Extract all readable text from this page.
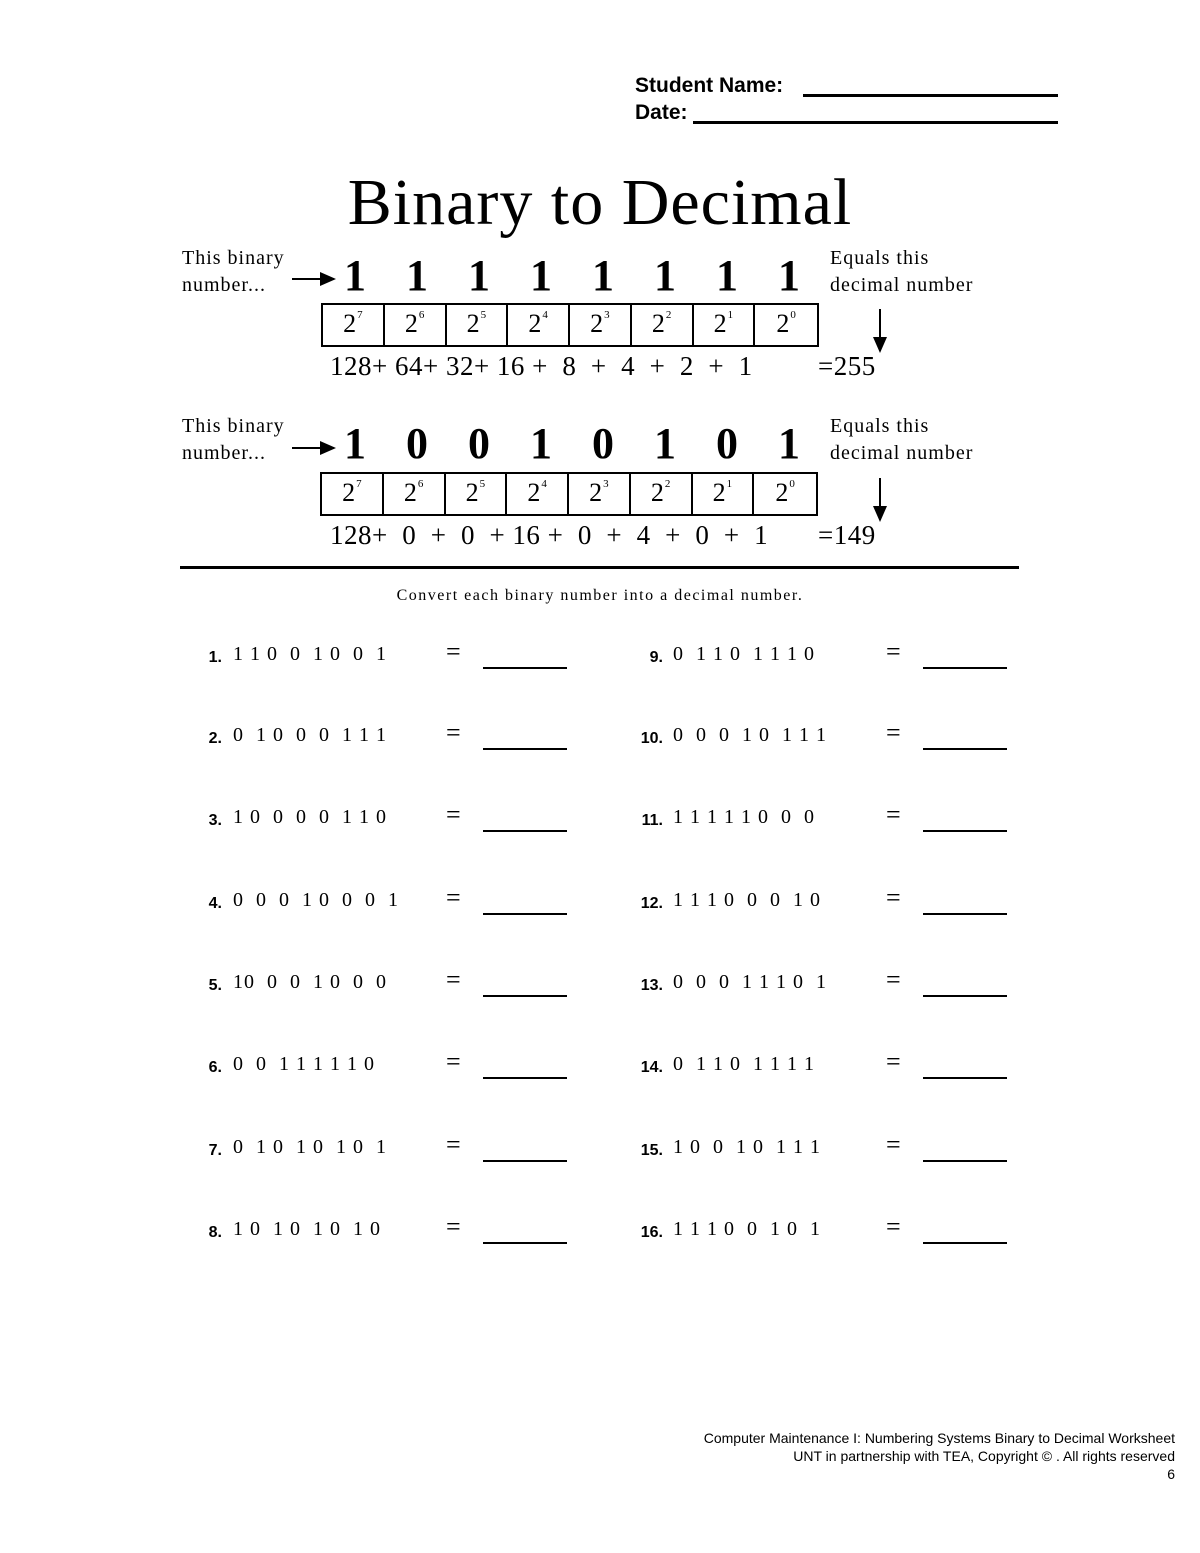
Student Name:
Date:
Binary to Decimal
This binary
number...	1 1 1 1 1 1 1 1	Equals this
decimal number
$2^7$	$2^6$	$2^5$	$2^4$	$2^3$	$2^2$	$2^1$	$2^0$
128+ 64+ 32+ 16 +  8  +  4  +  2  +  1 =255
This binary
number...	1 0 0 1 0 1 0 1	Equals this
decimal number
$2^7$	$2^6$	$2^5$	$2^4$	$2^3$	$2^2$	$2^1$	$2^0$
128+  0  +  0  + 16 +  0  +  4  +  0  +  1 =149
Convert each binary number into a decimal number.
1. 1 1 0  0  1 0  0  1 =
2. 0  1 0  0  0  1 1 1 =
3. 1 0  0  0  0  1 1 0 =
4. 0  0  0  1 0  0  0  1 =
5. 10  0  0  1 0  0  0 =
6. 0  0  1 1 1 1 1 0	=
7. 0  1 0  1 0  1 0  1 =
8. 1 0  1 0  1 0  1 0	=
9. 0  1 1 0  1 1 1 0	=
10. 0  0  0  1 0  1 1 1 =
11. 1 1 1 1 1 0  0  0	=
12. 1 1 1 0  0  0  1 0	=
13. 0  0  0  1 1 1 0  1 =
14. 0  1 1 0  1 1 1 1	=
15. 1 0  0  1 0  1 1 1	=
16. 1 1 1 0  0  1 0  1	=
Computer Maintenance I: Numbering Systems Binary to Decimal Worksheet
UNT in partnership with TEA, Copyright © . All rights reserved
6
